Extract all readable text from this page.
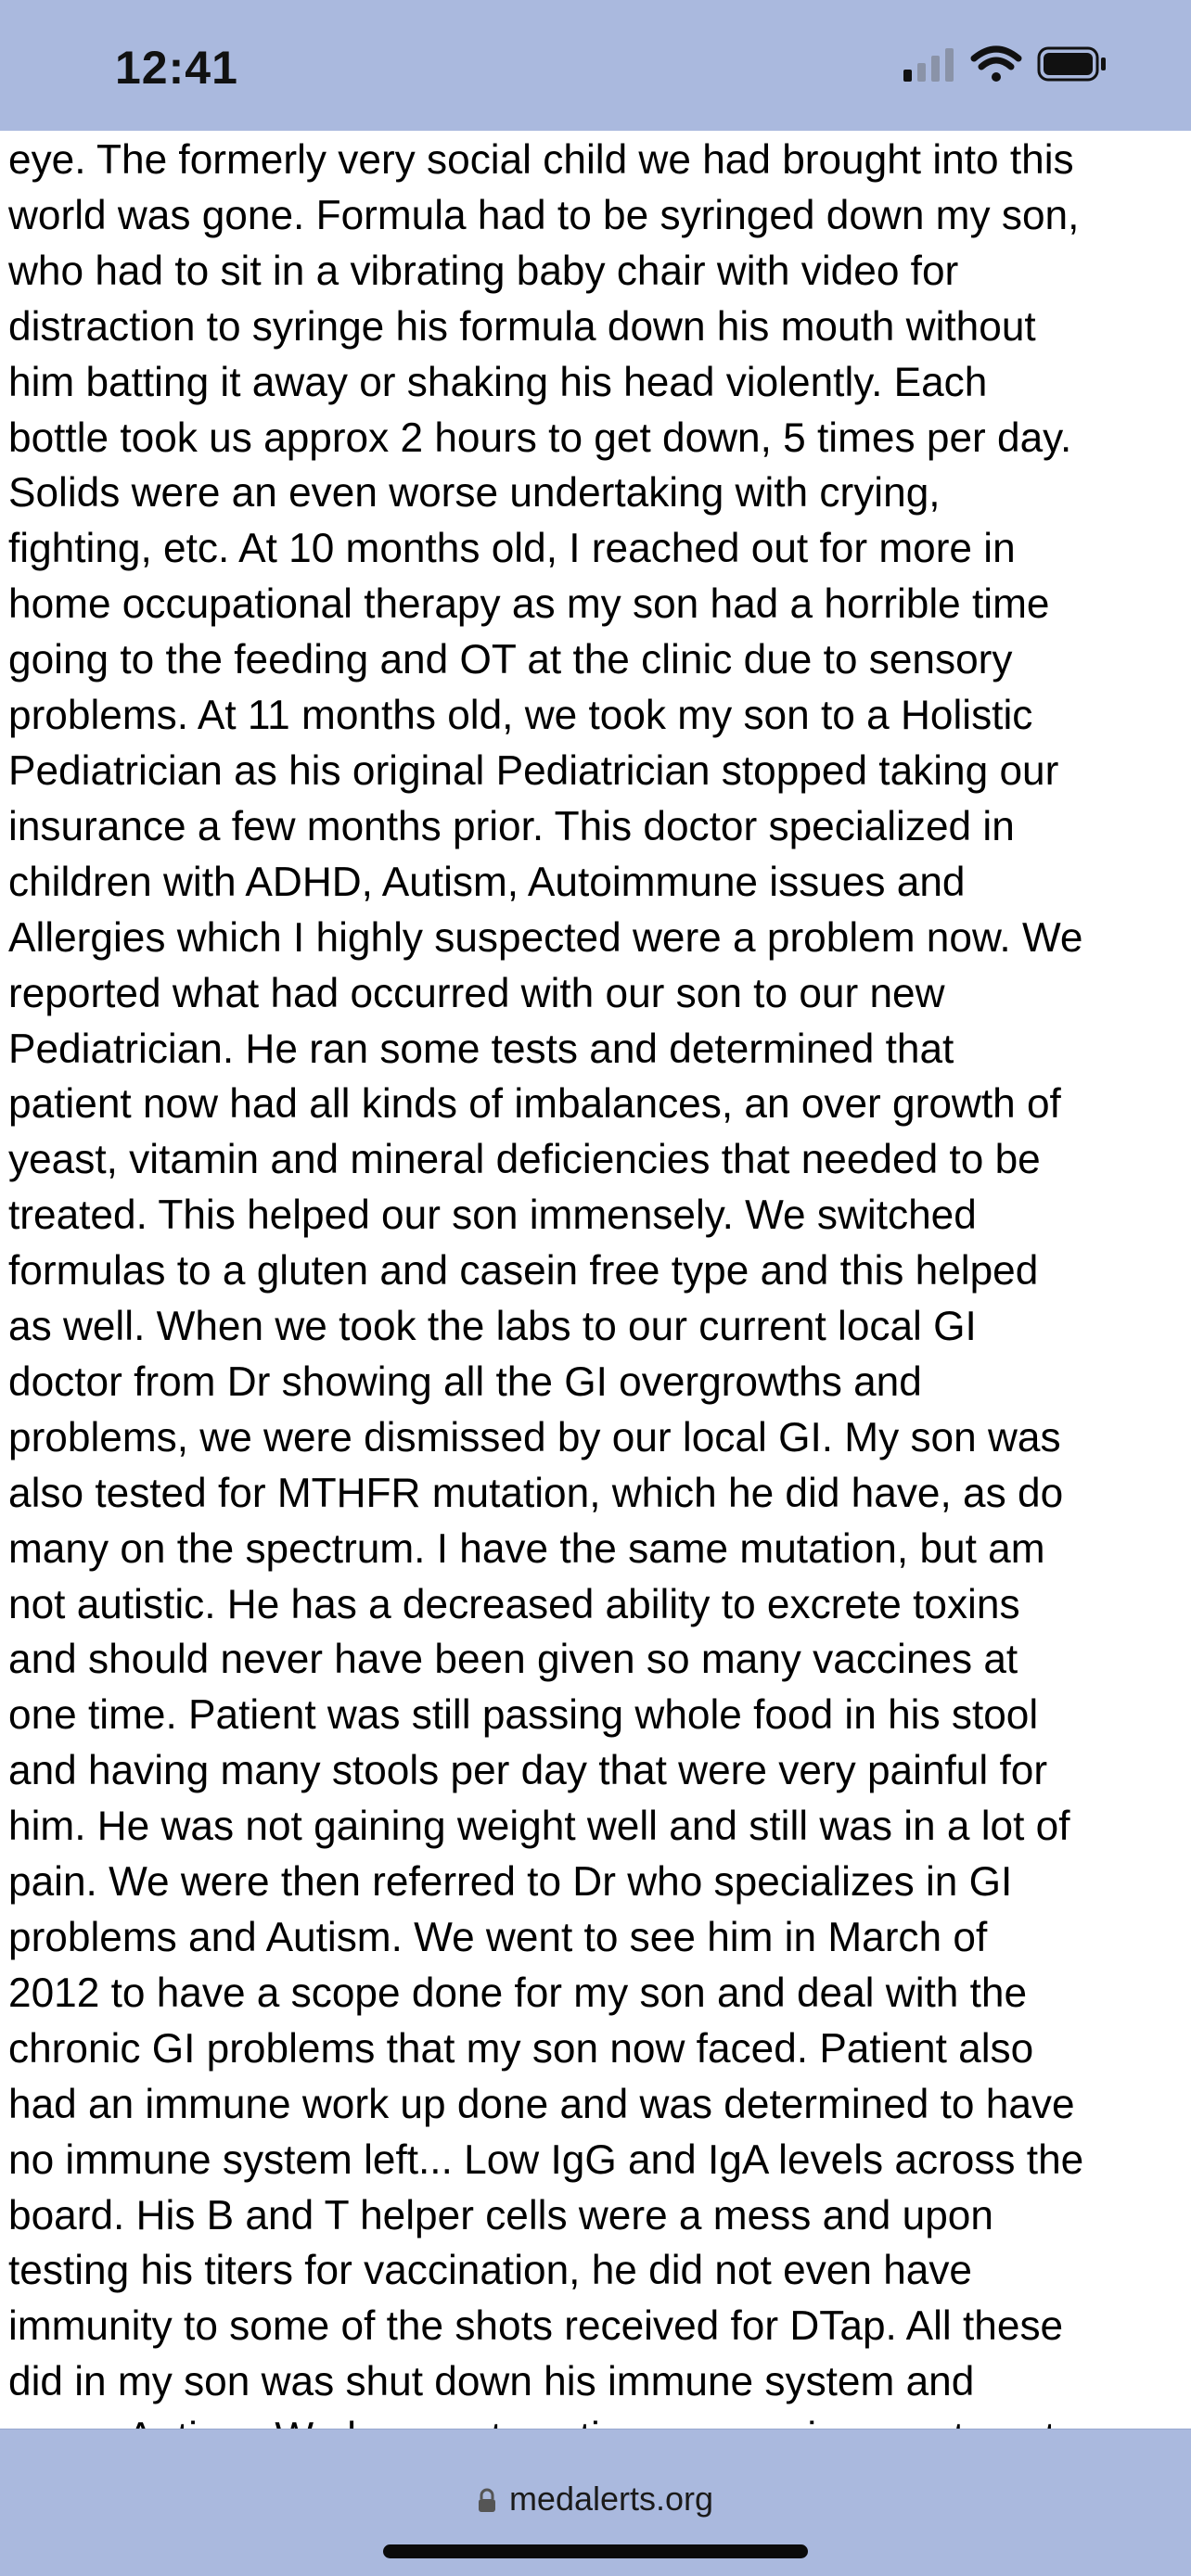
12:41
eye. The formerly very social child we had brought into this
world was gone. Formula had to be syringed down my son,
who had to sit in a vibrating baby chair with video for
distraction to syringe his formula down his mouth without
him batting it away or shaking his head violently. Each
bottle took us approx 2 hours to get down, 5 times per day.
Solids were an even worse undertaking with crying,
fighting, etc. At 10 months old, I reached out for more in
home occupational therapy as my son had a horrible time
going to the feeding and OT at the clinic due to sensory
problems. At 11 months old, we took my son to a Holistic
Pediatrician as his original Pediatrician stopped taking our
insurance a few months prior. This doctor specialized in
children with ADHD, Autism, Autoimmune issues and
Allergies which I highly suspected were a problem now. We
reported what had occurred with our son to our new
Pediatrician. He ran some tests and determined that
patient now had all kinds of imbalances, an over growth of
yeast, vitamin and mineral deficiencies that needed to be
treated. This helped our son immensely. We switched
formulas to a gluten and casein free type and this helped
as well. When we took the labs to our current local GI
doctor from Dr showing all the GI overgrowths and
problems, we were dismissed by our local GI. My son was
also tested for MTHFR mutation, which he did have, as do
many on the spectrum. I have the same mutation, but am
not autistic. He has a decreased ability to excrete toxins
and should never have been given so many vaccines at
one time. Patient was still passing whole food in his stool
and having many stools per day that were very painful for
him. He was not gaining weight well and still was in a lot of
pain. We were then referred to Dr who specializes in GI
problems and Autism. We went to see him in March of
2012 to have a scope done for my son and deal with the
chronic GI problems that my son now faced. Patient also
had an immune work up done and was determined to have
no immune system left... Low IgG and IgA levels across the
board. His B and T helper cells were a mess and upon
testing his titers for vaccination, he did not even have
immunity to some of the shots received for DTap. All these
did in my son was shut down his immune system and

medalerts.org
